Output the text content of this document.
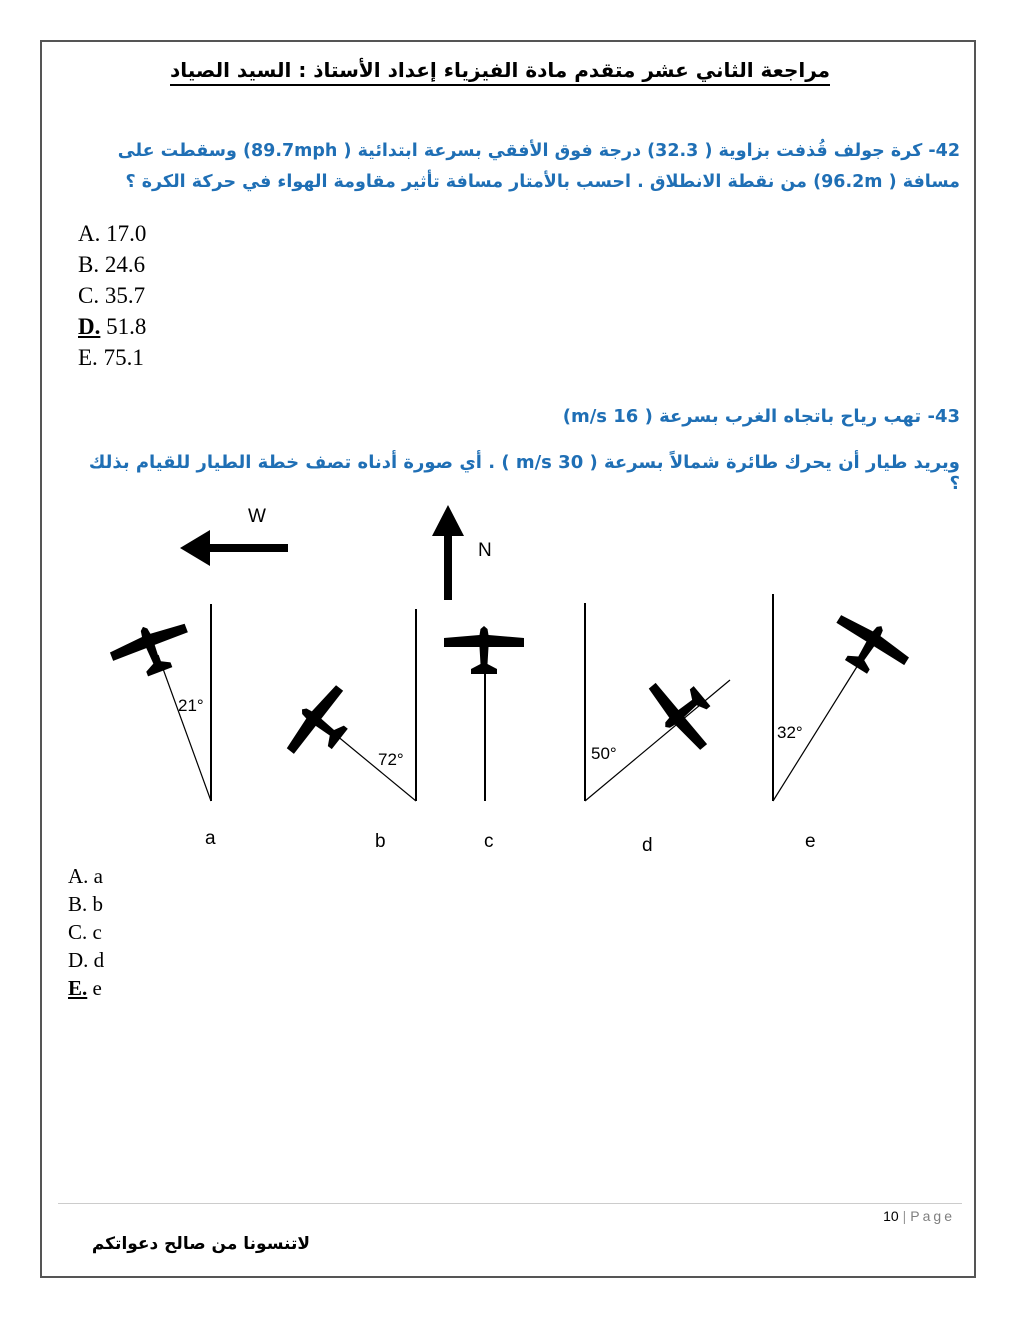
مراجعة الثاني عشر متقدم مادة الفيزياء إعداد الأستاذ : السيد الصياد
42- كرة جولف قُذفت بزاوية ( 32.3) درجة فوق الأفقي بسرعة ابتدائية ( 89.7mph) وسقطت على مسافة ( 96.2m) من نقطة الانطلاق . احسب بالأمتار مسافة تأثير مقاومة الهواء في حركة الكرة ؟
A. 17.0
B. 24.6
C. 35.7
D. 51.8
E. 75.1
43- تهب رياح باتجاه الغرب بسرعة ( 16 m/s)
ويريد طيار أن يحرك طائرة شمالاً بسرعة ( 30 m/s ) . أي صورة أدناه تصف خطة الطيار للقيام بذلك ؟
W
N
21°
a
72°
b	c
50°
d
32°
e
A. a
B. b
C. c
D. d
E. e
10 | Page
لاتنسونا من صالح دعواتكم
